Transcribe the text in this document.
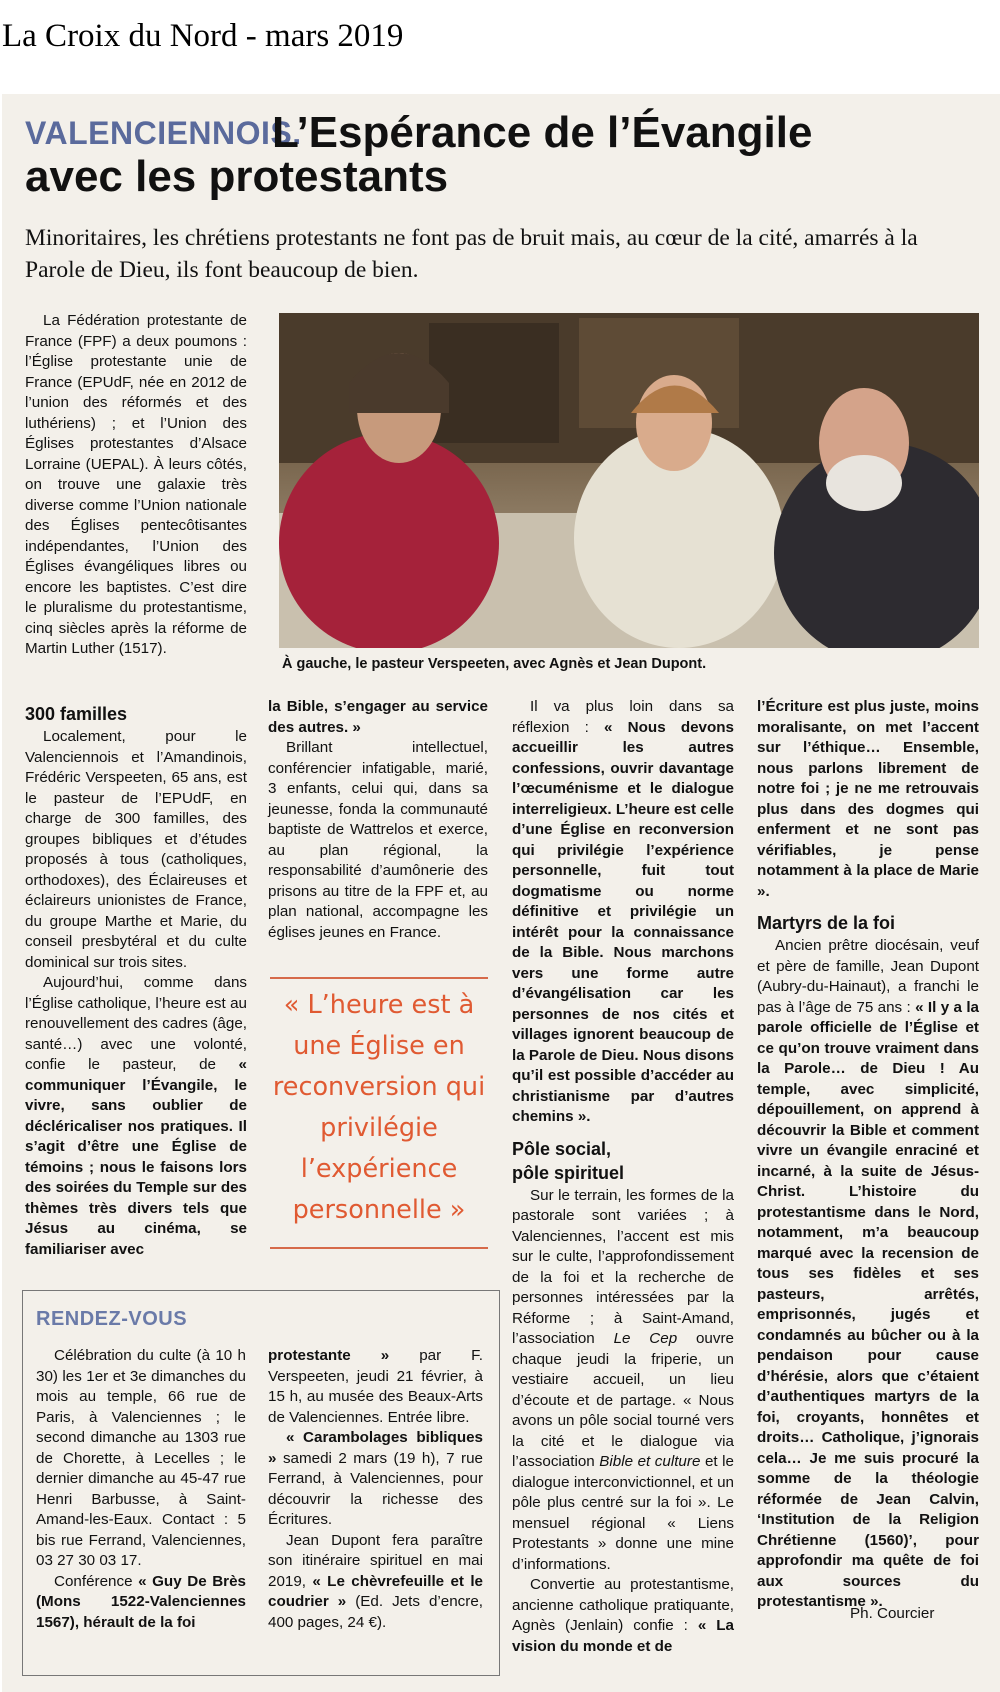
La Croix du Nord - mars 2019
VALENCIENNOIS.
L’Espérance de l’Évangile
avec les protestants
Minoritaires, les chrétiens protestants ne font pas de bruit mais, au cœur de la cité, amarrés à la Parole de Dieu, ils font beaucoup de bien.

La Fédération protestante de France (FPF) a deux poumons : l’Église protestante unie de France (EPUdF, née en 2012 de l’union des réformés et des luthériens) ; et l’Union des Églises protestantes d’Alsace Lorraine (UEPAL). À leurs côtés, on trouve une galaxie très diverse comme l’Union nationale des Églises pentecôtisantes indépendantes, l’Union des Églises évangéliques libres ou encore les baptistes. C’est dire le pluralisme du protestantisme, cinq siècles après la réforme de Martin Luther (1517).

À gauche, le pasteur Verspeeten, avec Agnès et Jean Dupont.
300 familles

Localement, pour le Valenciennois et l’Amandinois, Frédéric Verspeeten, 65 ans, est le pasteur de l’EPUdF, en charge de 300 familles, des groupes bibliques et d’études proposés à tous (catholiques, orthodoxes), des Éclaireuses et éclaireurs unionistes de France, du groupe Marthe et Marie, du conseil presbytéral et du culte dominical sur trois sites.

Aujourd’hui, comme dans l’Église catholique, l’heure est au renouvellement des cadres (âge, santé…) avec une volonté, confie le pasteur, de « communiquer l’Évangile, le vivre, sans oublier de décléricaliser nos pratiques. Il s’agit d’être une Église de témoins ; nous le faisons lors des soirées du Temple sur des thèmes très divers tels que Jésus au cinéma, se familiariser avec

la Bible, s’engager au service des autres. »

Brillant intellectuel, conférencier infatigable, marié, 3 enfants, celui qui, dans sa jeunesse, fonda la communauté baptiste de Wattrelos et exerce, au plan régional, la responsabilité d’aumônerie des prisons au titre de la FPF et, au plan national, accompagne les églises jeunes en France.

« L’heure est à une Église en reconversion qui privilégie l’expérience personnelle »

Il va plus loin dans sa réflexion : « Nous devons accueillir les autres confessions, ouvrir davantage l’œcuménisme et le dialogue interreligieux. L’heure est celle d’une Église en reconversion qui privilégie l’expérience personnelle, fuit tout dogmatisme ou norme définitive et privilégie un intérêt pour la connaissance de la Bible. Nous marchons vers une forme autre d’évangélisation car les personnes de nos cités et villages ignorent beaucoup de la Parole de Dieu. Nous disons qu’il est possible d’accéder au christianisme par d’autres chemins ».

Pôle social,
pôle spirituel

Sur le terrain, les formes de la pastorale sont variées ; à Valenciennes, l’accent est mis sur le culte, l’approfondissement de la foi et la recherche de personnes intéressées par la Réforme ; à Saint-Amand, l’association Le Cep ouvre chaque jeudi la friperie, un vestiaire accueil, un lieu d’écoute et de partage. « Nous avons un pôle social tourné vers la cité et le dialogue via l’association Bible et culture et le dialogue interconvictionnel, et un pôle plus centré sur la foi ». Le mensuel régional « Liens Protestants » donne une mine d’informations.

Convertie au protestantisme, ancienne catholique pratiquante, Agnès (Jenlain) confie : « La vision du monde et de

l’Écriture est plus juste, moins moralisante, on met l’accent sur l’éthique… Ensemble, nous parlons librement de notre foi ; je ne me retrouvais plus dans des dogmes qui enferment et ne sont pas vérifiables, je pense notamment à la place de Marie ».

Martyrs de la foi

Ancien prêtre diocésain, veuf et père de famille, Jean Dupont (Aubry-du-Hainaut), a franchi le pas à l’âge de 75 ans : « Il y a la parole officielle de l’Église et ce qu’on trouve vraiment dans la Parole… de Dieu ! Au temple, avec simplicité, dépouillement, on apprend à découvrir la Bible et comment vivre un évangile enraciné et incarné, à la suite de Jésus-Christ. L’histoire du protestantisme dans le Nord, notamment, m’a beaucoup marqué avec la recension de tous ses fidèles et ses pasteurs, arrêtés, emprisonnés, jugés et condamnés au bûcher ou à la pendaison pour cause d’hérésie, alors que c’étaient d’authentiques martyrs de la foi, croyants, honnêtes et droits… Catholique, j’ignorais cela… Je me suis procuré la somme de la théologie réformée de Jean Calvin, ‘Institution de la Religion Chrétienne (1560)’, pour approfondir ma quête de foi aux sources du protestantisme ».

Ph. Courcier
RENDEZ-VOUS

Célébration du culte (à 10 h 30) les 1er et 3e dimanches du mois au temple, 66 rue de Paris, à Valenciennes ; le second dimanche au 1303 rue de Chorette, à Lecelles ; le dernier dimanche au 45-47 rue Henri Barbusse, à Saint-Amand-les-Eaux. Contact : 5 bis rue Ferrand, Valenciennes, 03 27 30 03 17.

Conférence « Guy De Brès (Mons 1522-Valenciennes 1567), hérault de la foi

protestante » par F. Verspeeten, jeudi 21 février, à 15 h, au musée des Beaux-Arts de Valenciennes. Entrée libre.

« Carambolages bibliques » samedi 2 mars (19 h), 7 rue Ferrand, à Valenciennes, pour découvrir la richesse des Écritures.

Jean Dupont fera paraître son itinéraire spirituel en mai 2019, « Le chèvrefeuille et le coudrier » (Ed. Jets d’encre, 400 pages, 24 €).
